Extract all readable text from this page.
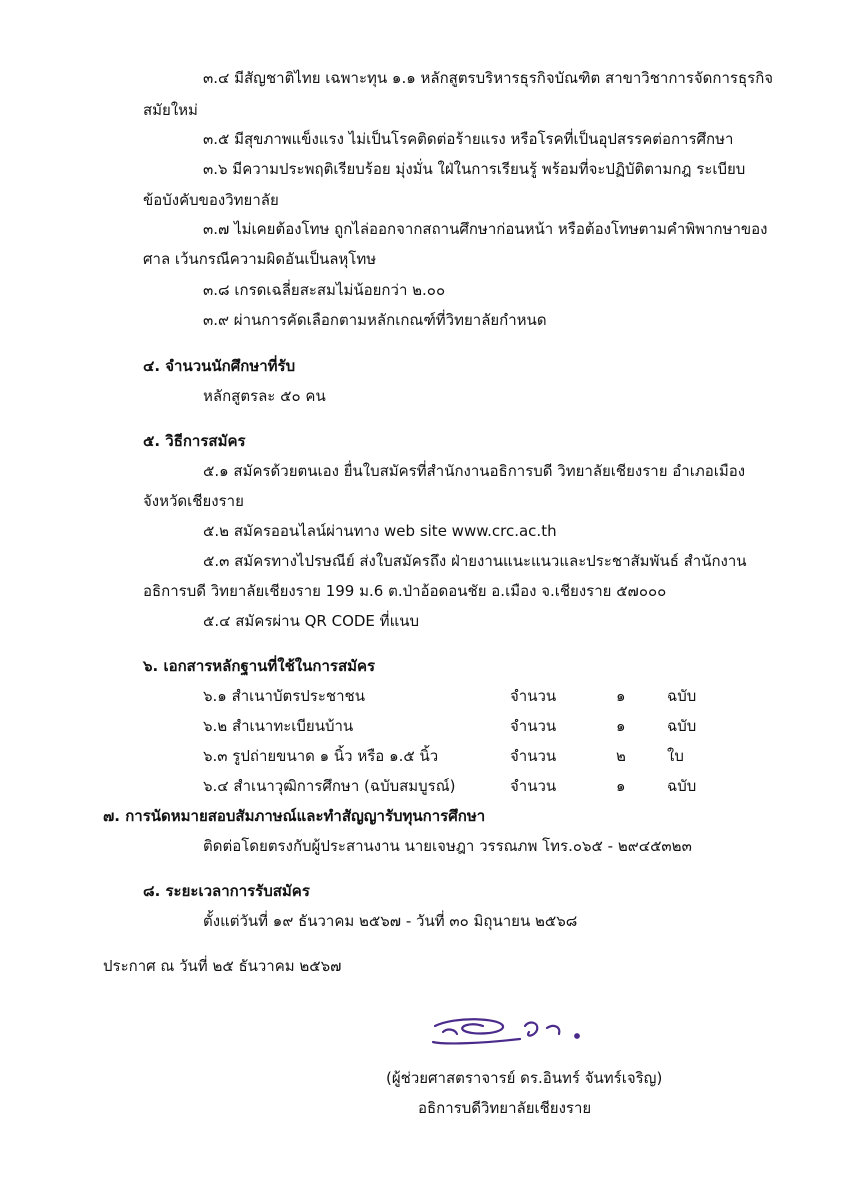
๓.๔ มีสัญชาติไทย เฉพาะทุน ๑.๑ หลักสูตรบริหารธุรกิจบัณฑิต สาขาวิชาการจัดการธุรกิจ
สมัยใหม่
๓.๕ มีสุขภาพแข็งแรง ไม่เป็นโรคติดต่อร้ายแรง หรือโรคที่เป็นอุปสรรคต่อการศึกษา
๓.๖ มีความประพฤติเรียบร้อย มุ่งมั่น ใฝ่ในการเรียนรู้ พร้อมที่จะปฏิบัติตามกฎ ระเบียบ
ข้อบังคับของวิทยาลัย
๓.๗ ไม่เคยต้องโทษ ถูกไล่ออกจากสถานศึกษาก่อนหน้า หรือต้องโทษตามคำพิพากษาของ
ศาล เว้นกรณีความผิดอันเป็นลหุโทษ
๓.๘ เกรดเฉลี่ยสะสมไม่น้อยกว่า ๒.๐๐
๓.๙ ผ่านการคัดเลือกตามหลักเกณฑ์ที่วิทยาลัยกำหนด
๔. จำนวนนักศึกษาที่รับ
หลักสูตรละ ๕๐ คน
๕. วิธีการสมัคร
๕.๑ สมัครด้วยตนเอง ยื่นใบสมัครที่สำนักงานอธิการบดี วิทยาลัยเชียงราย อำเภอเมือง
จังหวัดเชียงราย
๕.๒ สมัครออนไลน์ผ่านทาง web site www.crc.ac.th
๕.๓ สมัครทางไปรษณีย์ ส่งใบสมัครถึง ฝ่ายงานแนะแนวและประชาสัมพันธ์ สำนักงาน
อธิการบดี วิทยาลัยเชียงราย 199 ม.6 ต.ป่าอ้อดอนชัย อ.เมือง จ.เชียงราย ๕๗๐๐๐
๕.๔ สมัครผ่าน QR CODE ที่แนบ
๖. เอกสารหลักฐานที่ใช้ในการสมัคร
๖.๑ สำเนาบัตรประชาชน	จำนวน	๑	ฉบับ
๖.๒ สำเนาทะเบียนบ้าน	จำนวน	๑	ฉบับ
๖.๓ รูปถ่ายขนาด ๑ นิ้ว หรือ ๑.๕ นิ้ว	จำนวน	๒	ใบ
๖.๔ สำเนาวุฒิการศึกษา (ฉบับสมบูรณ์)	จำนวน	๑	ฉบับ
๗. การนัดหมายสอบสัมภาษณ์และทำสัญญารับทุนการศึกษา
ติดต่อโดยตรงกับผู้ประสานงาน นายเจษฎา วรรณภพ โทร.๐๖๕ - ๒๙๔๕๓๒๓
๘. ระยะเวลาการรับสมัคร
ตั้งแต่วันที่ ๑๙ ธันวาคม ๒๕๖๗ - วันที่ ๓๐ มิถุนายน ๒๕๖๘
ประกาศ ณ วันที่ ๒๕ ธันวาคม ๒๕๖๗
(ผู้ช่วยศาสตราจารย์ ดร.อินทร์ จันทร์เจริญ)
อธิการบดีวิทยาลัยเชียงราย
